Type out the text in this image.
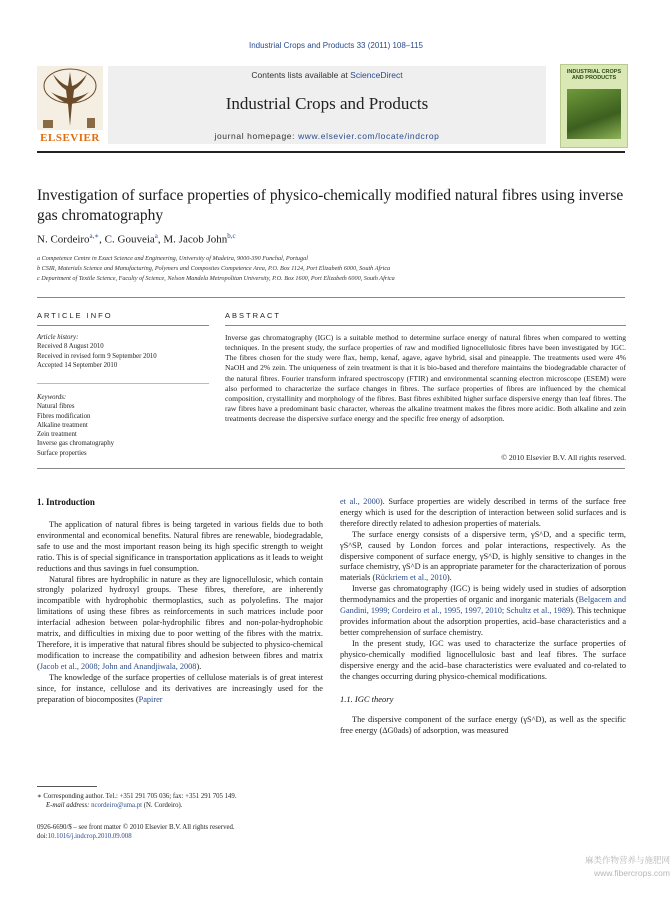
Industrial Crops and Products 33 (2011) 108–115
Contents lists available at ScienceDirect
Industrial Crops and Products
journal homepage: www.elsevier.com/locate/indcrop
ELSEVIER
INDUSTRIAL CROPS AND PRODUCTS
Investigation of surface properties of physico-chemically modified natural fibres using inverse gas chromatography
N. Cordeiro$^{a,∗}$, C. Gouveia$^a$, M. Jacob John$^{b,c}$
a Competence Centre in Exact Science and Engineering, University of Madeira, 9000-390 Funchal, Portugal
b CSIR, Materials Science and Manufacturing, Polymers and Composites Competence Area, P.O. Box 1124, Port Elizabeth 6000, South Africa
c Department of Textile Science, Faculty of Science, Nelson Mandela Metropolitan University, P.O. Box 1600, Port Elizabeth 6000, South Africa
ARTICLE INFO
Article history:
Received 8 August 2010
Received in revised form 9 September 2010
Accepted 14 September 2010
Keywords:
Natural fibres
Fibres modification
Alkaline treatment
Zein treatment
Inverse gas chromatography
Surface properties
ABSTRACT
Inverse gas chromatography (IGC) is a suitable method to determine surface energy of natural fibres when compared to wetting techniques. In the present study, the surface properties of raw and modified lignocellulosic fibres have been investigated by IGC. The fibres chosen for the study were flax, hemp, kenaf, agave, agave hybrid, sisal and pineapple. The treatments used were 4% NaOH and 2% zein. The uniqueness of zein treatment is that it is bio-based and therefore maintains the biodegradable character of the natural fibres. Fourier transform infrared spectroscopy (FTIR) and environmental scanning electron microscope (ESEM) were also performed to characterize the surface changes in fibres. The surface properties of fibres are influenced by the chemical composition, crystallinity and morphology of the fibres. Bast fibres exhibited higher surface dispersive energy than leaf fibres. The raw fibres have a predominant basic character, whereas the alkaline treatment makes the fibres more acidic. Both alkaline and zein treatments decrease the dispersive surface energy and the specific free energy of adsorption.
© 2010 Elsevier B.V. All rights reserved.
1. Introduction

The application of natural fibres is being targeted in various fields due to both environmental and economical benefits. Natural fibres are renewable, biodegradable, safe to use and the most important reason being its high specific strength to weight ratio. This is of special significance in transportation applications as it leads to weight reductions and thus savings in fuel consumption.

Natural fibres are hydrophilic in nature as they are lignocellulosic, which contain strongly polarized hydroxyl groups. These fibres, therefore, are inherently incompatible with hydrophobic thermoplastics, such as polyolefins. The major limitations of using these fibres as reinforcements in such matrices include poor interfacial adhesion between polar-hydrophilic fibres and non-polar-hydrophobic matrix, and difficulties in mixing due to poor wetting of the fibres with the matrix. Therefore, it is imperative that natural fibres should be subjected to physico-chemical modification to increase the compatibility and adhesion between fibres and matrix (Jacob et al., 2008; John and Anandjiwala, 2008).

The knowledge of the surface properties of cellulose materials is of great interest since, for instance, cellulose and its derivatives are increasingly used for the preparation of biocomposites (Papirer

et al., 2000). Surface properties are widely described in terms of the surface free energy which is used for the description of interaction between solid surfaces and is therefore directly related to adhesion properties of materials.

The surface energy consists of a dispersive term, γS^D, and a specific term, γS^SP, caused by London forces and polar interactions, respectively. As the dispersive component of surface energy, γS^D, is highly sensitive to changes in the surface chemistry, γS^D is an appropriate parameter for the characterization of porous materials (Rückriem et al., 2010).

Inverse gas chromatography (IGC) is being widely used in studies of adsorption thermodynamics and the properties of organic and inorganic materials (Belgacem and Gandini, 1999; Cordeiro et al., 1995, 1997, 2010; Schultz et al., 1989). This technique provides information about the adsorption properties, acid–base characteristics and a better comprehension of surface chemistry.

In the present study, IGC was used to characterize the surface properties of physico-chemically modified lignocellulosic bast and leaf fibres. The surface dispersive energy and the acid–base characteristics were evaluated and co-related to the changes occurring during physico-chemical modifications.

1.1. IGC theory

The dispersive component of the surface energy (γS^D), as well as the specific free energy (ΔG0ads) of adsorption, was measured

∗ Corresponding author. Tel.: +351 291 705 036; fax: +351 291 705 149.
E-mail address: ncordeiro@uma.pt (N. Cordeiro).
0926-6690/$ – see front matter © 2010 Elsevier B.V. All rights reserved.
doi:10.1016/j.indcrop.2010.09.008
麻类作物营养与施肥网
www.fibercrops.com
